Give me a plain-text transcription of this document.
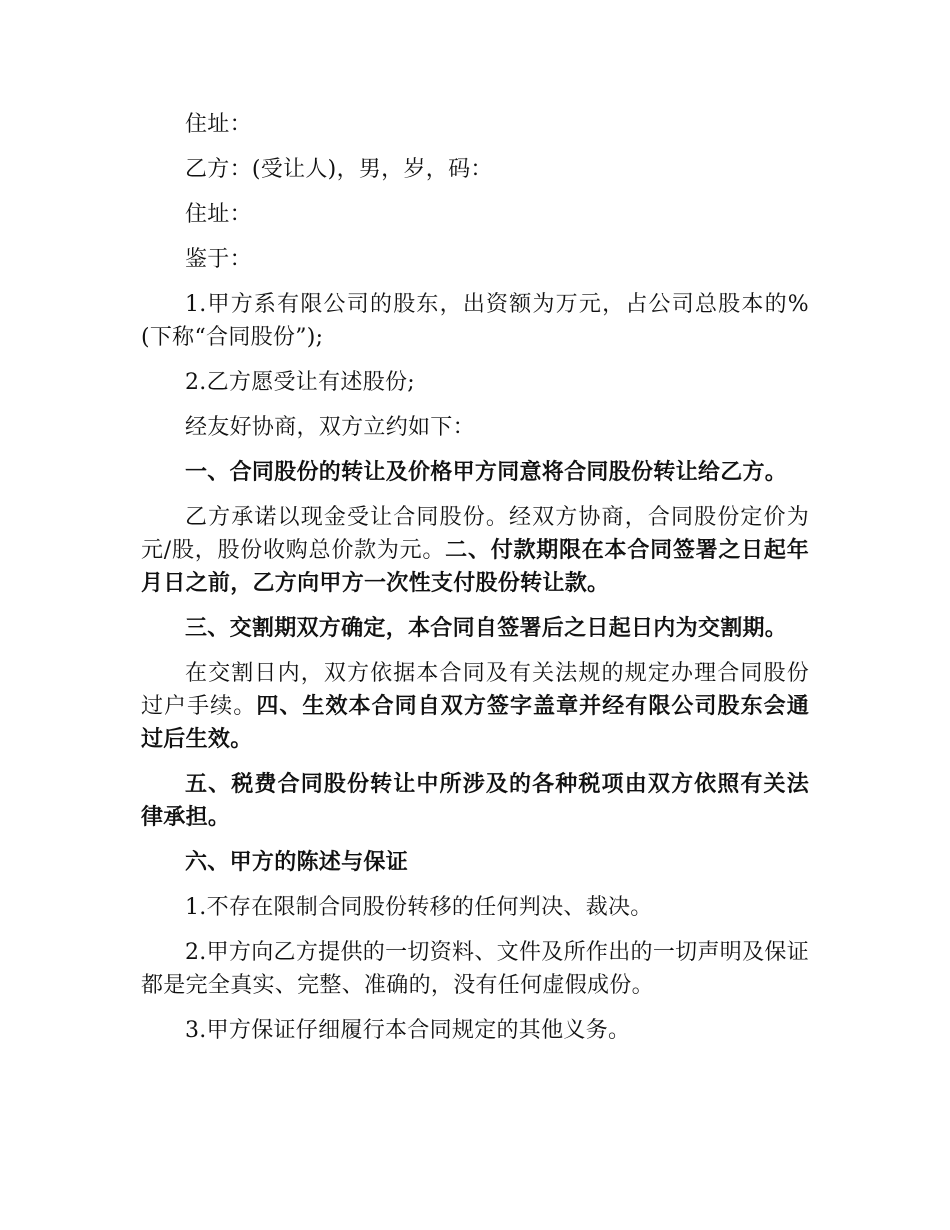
住址：

乙方：(受让人)，男，岁，码：

住址：

鉴于：

1.甲方系有限公司的股东，出资额为万元，占公司总股本的%(下称“合同股份”);

2.乙方愿受让有述股份;

经友好协商，双方立约如下：

一、合同股份的转让及价格甲方同意将合同股份转让给乙方。

乙方承诺以现金受让合同股份。经双方协商，合同股份定价为元/股，股份收购总价款为元。二、付款期限在本合同签署之日起年月日之前，乙方向甲方一次性支付股份转让款。

三、交割期双方确定，本合同自签署后之日起日内为交割期。

在交割日内，双方依据本合同及有关法规的规定办理合同股份过户手续。四、生效本合同自双方签字盖章并经有限公司股东会通过后生效。

五、税费合同股份转让中所涉及的各种税项由双方依照有关法律承担。

六、甲方的陈述与保证

1.不存在限制合同股份转移的任何判决、裁决。

2.甲方向乙方提供的一切资料、文件及所作出的一切声明及保证都是完全真实、完整、准确的，没有任何虚假成份。

3.甲方保证仔细履行本合同规定的其他义务。
